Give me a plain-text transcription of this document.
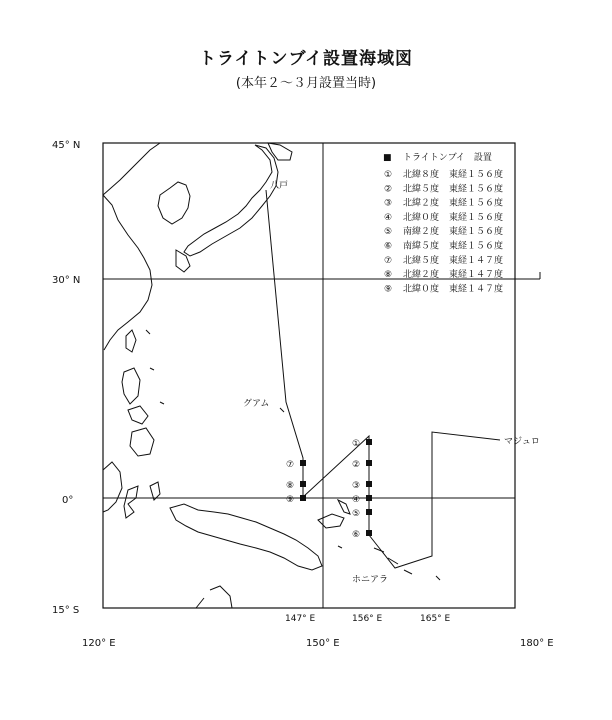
トライトンブイ設置海域図
(本年２～３月設置当時)
45° N
30° N
0°
15° S
120° E
147° E
150° E
156° E	165° E
180° E
①
②
③
④
⑤
⑥
⑦
⑧
⑨
八戸
グアム
マジュロ
ホニアラ
■ トライトンブイ　設置
① 北緯８度 東経１５６度
② 北緯５度 東経１５６度
③ 北緯２度 東経１５６度
④ 北緯０度 東経１５６度
⑤ 南緯２度 東経１５６度
⑥ 南緯５度 東経１５６度
⑦ 北緯５度 東経１４７度
⑧ 北緯２度 東経１４７度
⑨ 北緯０度 東経１４７度
